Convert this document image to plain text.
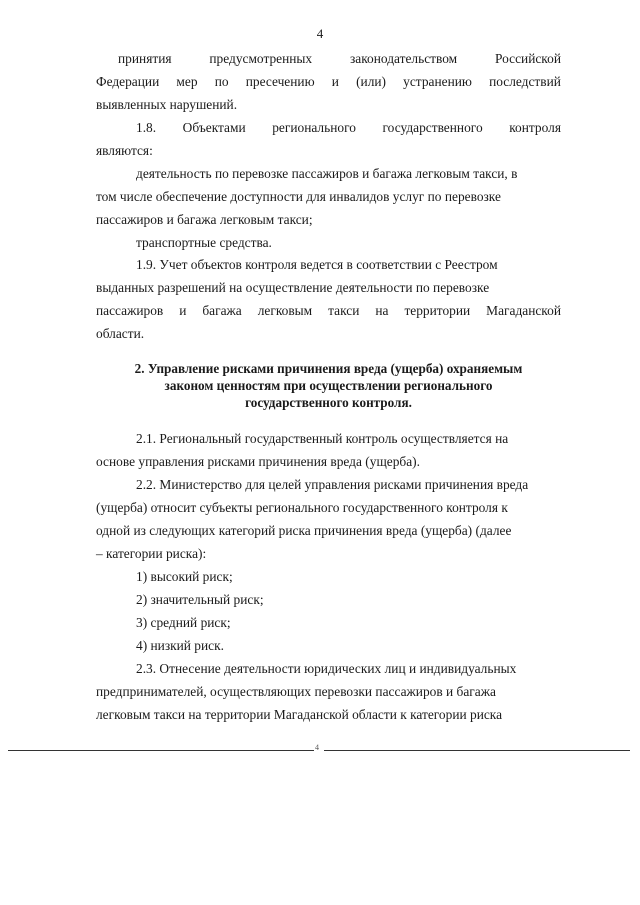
4
принятия	предусмотренных	законодательством	Российской
Федерации мер по пресечению и (или) устранению последствий
выявленных нарушений.
1.8. Объектами регионального государственного контроля
являются:
деятельность по перевозке пассажиров и багажа легковым такси, в
том числе обеспечение доступности для инвалидов услуг по перевозке
пассажиров и багажа легковым такси;
транспортные средства.
1.9. Учет объектов контроля ведется в соответствии с Реестром
выданных разрешений на осуществление деятельности по перевозке
пассажиров и багажа легковым такси на территории Магаданской
области.
2. Управление рисками причинения вреда (ущерба) охраняемым
законом ценностям при осуществлении регионального
государственного контроля.
2.1. Региональный государственный контроль осуществляется на
основе управления рисками причинения вреда (ущерба).
2.2. Министерство для целей управления рисками причинения вреда
(ущерба) относит субъекты регионального государственного контроля к
одной из следующих категорий риска причинения вреда (ущерба) (далее
– категории риска):
1) высокий риск;
2) значительный риск;
3) средний риск;
4) низкий риск.
2.3. Отнесение деятельности юридических лиц и индивидуальных
предпринимателей, осуществляющих перевозки пассажиров и багажа
легковым такси на территории Магаданской области к категории риска
4
